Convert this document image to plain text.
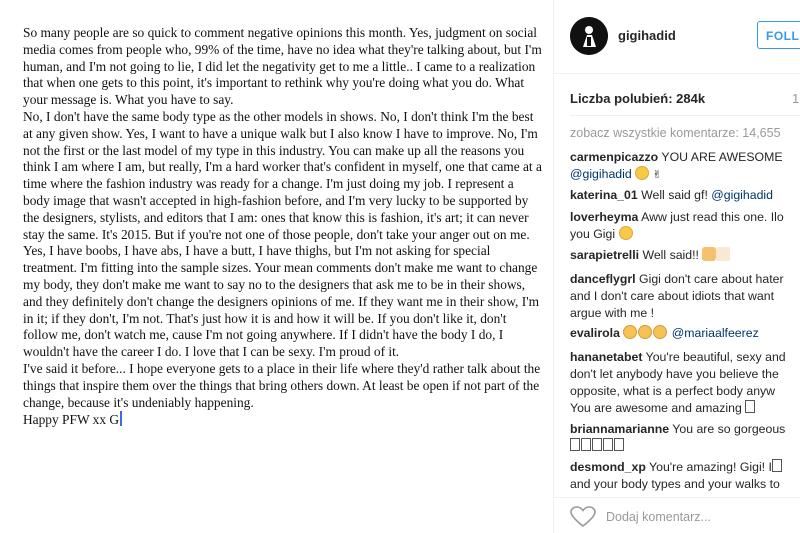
So many people are so quick to comment negative opinions this month. Yes, judgment on social media comes from people who, 99% of the time, have no idea what they're talking about, but I'm human, and I'm not going to lie, I did let the negativity get to me a little.. I came to a realization that when one gets to this point, it's important to rethink why you're doing what you do. What your message is. What you have to say.

No, I don't have the same body type as the other models in shows. No, I don't think I'm the best at any given show. Yes, I want to have a unique walk but I also know I have to improve. No, I'm not the first or the last model of my type in this industry. You can make up all the reasons you think I am where I am, but really, I'm a hard worker that's confident in myself, one that came at a time where the fashion industry was ready for a change. I'm just doing my job. I represent a body image that wasn't accepted in high-fashion before, and I'm very lucky to be supported by the designers, stylists, and editors that I am: ones that know this is fashion, it's art; it can never stay the same. It's 2015. But if you're not one of those people, don't take your anger out on me. Yes, I have boobs, I have abs, I have a butt, I have thighs, but I'm not asking for special treatment. I'm fitting into the sample sizes. Your mean comments don't make me want to change my body, they don't make me want to say no to the designers that ask me to be in their shows, and they definitely don't change the designers opinions of me. If they want me in their show, I'm in it; if they don't, I'm not. That's just how it is and how it will be. If you don't like it, don't follow me, don't watch me, cause I'm not going anywhere. If I didn't have the body I do, I wouldn't have the career I do. I love that I can be sexy. I'm proud of it.

I've said it before... I hope everyone gets to a place in their life where they'd rather talk about the things that inspire them over the things that bring others down. At least be open if not part of the change, because it's undeniably happening.

Happy PFW xx G

gigihadid	FOLL
Liczba polubień: 284k	1
zobacz wszystkie komentarze: 14,655
carmenpicazzo YOU ARE AWESOME
@gigihadid ✌
katerina_01 Well said gf! @gigihadid
loverheyma Aww just read this one. Ilo
you Gigi
sarapietrelli Well said!!
danceflygrl Gigi don't care about hater
and I don't care about idiots that want
argue with me !
evalirola	@mariaalfeerez
hananetabet You're beautiful, sexy and
don't let anybody have you believe the
opposite, what is a perfect body anyw
You are awesome and amazing
briannamarianne You are so gorgeous

desmond_xp You're amazing! Gigi! I
and your body types and your walks to
Dodaj komentarz...
